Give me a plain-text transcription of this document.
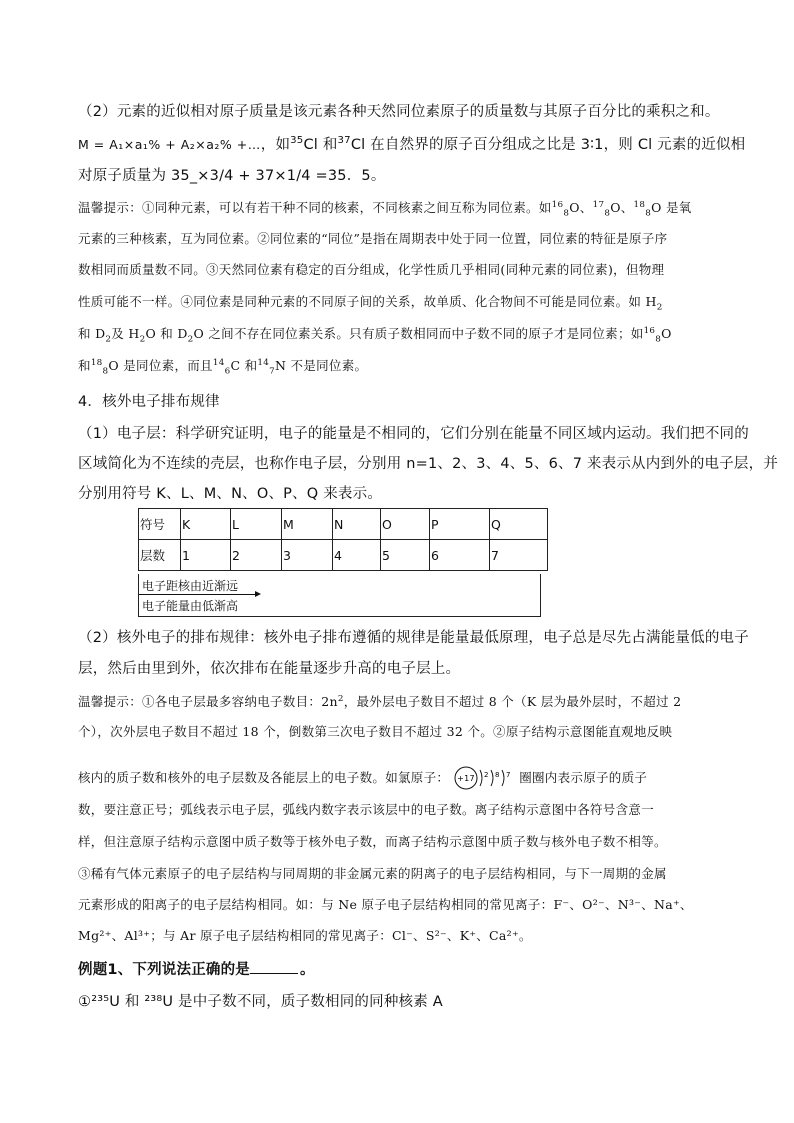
（2）元素的近似相对原子质量是该元素各种天然同位素原子的质量数与其原子百分比的乘积之和。
M = A₁×a₁% + A₂×a₂% +…，如$^{35}$Cl 和$^{37}$Cl 在自然界的原子百分组成之比是 3∶1，则 Cl 元素的近似相
对原子质量为 35_×3/4 + 37×1/4 =35．5。
温馨提示：①同种元素，可以有若干种不同的核素，不同核素之间互称为同位素。如$^{16}_8$O、$^{17}_8$O、$^{18}_8$O 是氧
元素的三种核素，互为同位素。②同位素的“同位”是指在周期表中处于同一位置，同位素的特征是原子序
数相同而质量数不同。③天然同位素有稳定的百分组成，化学性质几乎相同(同种元素的同位素)，但物理
性质可能不一样。④同位素是同种元素的不同原子间的关系，故单质、化合物间不可能是同位素。如 $H_2$
和 $D_2$及 $H_2O$ 和 $D_2O$ 之间不存在同位素关系。只有质子数相同而中子数不同的原子才是同位素；如$^{16}_8$O
和$^{18}_8$O 是同位素，而且$^{14}_6$C 和$^{14}_7$N 不是同位素。
4．核外电子排布规律
（1）电子层：科学研究证明，电子的能量是不相同的，它们分别在能量不同区域内运动。我们把不同的
区域简化为不连续的壳层，也称作电子层，分别用 n=1、2、3、4、5、6、7 来表示从内到外的电子层，并
分别用符号 K、L、M、N、O、P、Q 来表示。
符号	K	L	M	N	O	P	Q
层数	1	2	3	4	5	6	7
电子距核由近渐远
电子能量由低渐高
（2）核外电子的排布规律：核外电子排布遵循的规律是能量最低原理，电子总是尽先占满能量低的电子
层，然后由里到外，依次排布在能量逐步升高的电子层上。
温馨提示：①各电子层最多容纳电子数目：$2n^2$，最外层电子数目不超过 8 个（K 层为最外层时，不超过 2
个），次外层电子数目不超过 18 个，倒数第三次电子数目不超过 32 个。②原子结构示意图能直观地反映
核内的质子数和核外的电子层数及各能层上的电子数。如氯原子： +17 2 8 7 圈圈内表示原子的质子
数，要注意正号；弧线表示电子层，弧线内数字表示该层中的电子数。离子结构示意图中各符号含意一
样，但注意原子结构示意图中质子数等于核外电子数，而离子结构示意图中质子数与核外电子数不相等。
③稀有气体元素原子的电子层结构与同周期的非金属元素的阴离子的电子层结构相同，与下一周期的金属
元素形成的阳离子的电子层结构相同。如：与 Ne 原子电子层结构相同的常见离子：F⁻、O²⁻、N³⁻、Na⁺、
Mg²⁺、Al³⁺；与 Ar 原子电子层结构相同的常见离子：Cl⁻、S²⁻、K⁺、Ca²⁺。
例题1、下列说法正确的是	。
①²³⁵U 和 ²³⁸U 是中子数不同，质子数相同的同种核素 A
